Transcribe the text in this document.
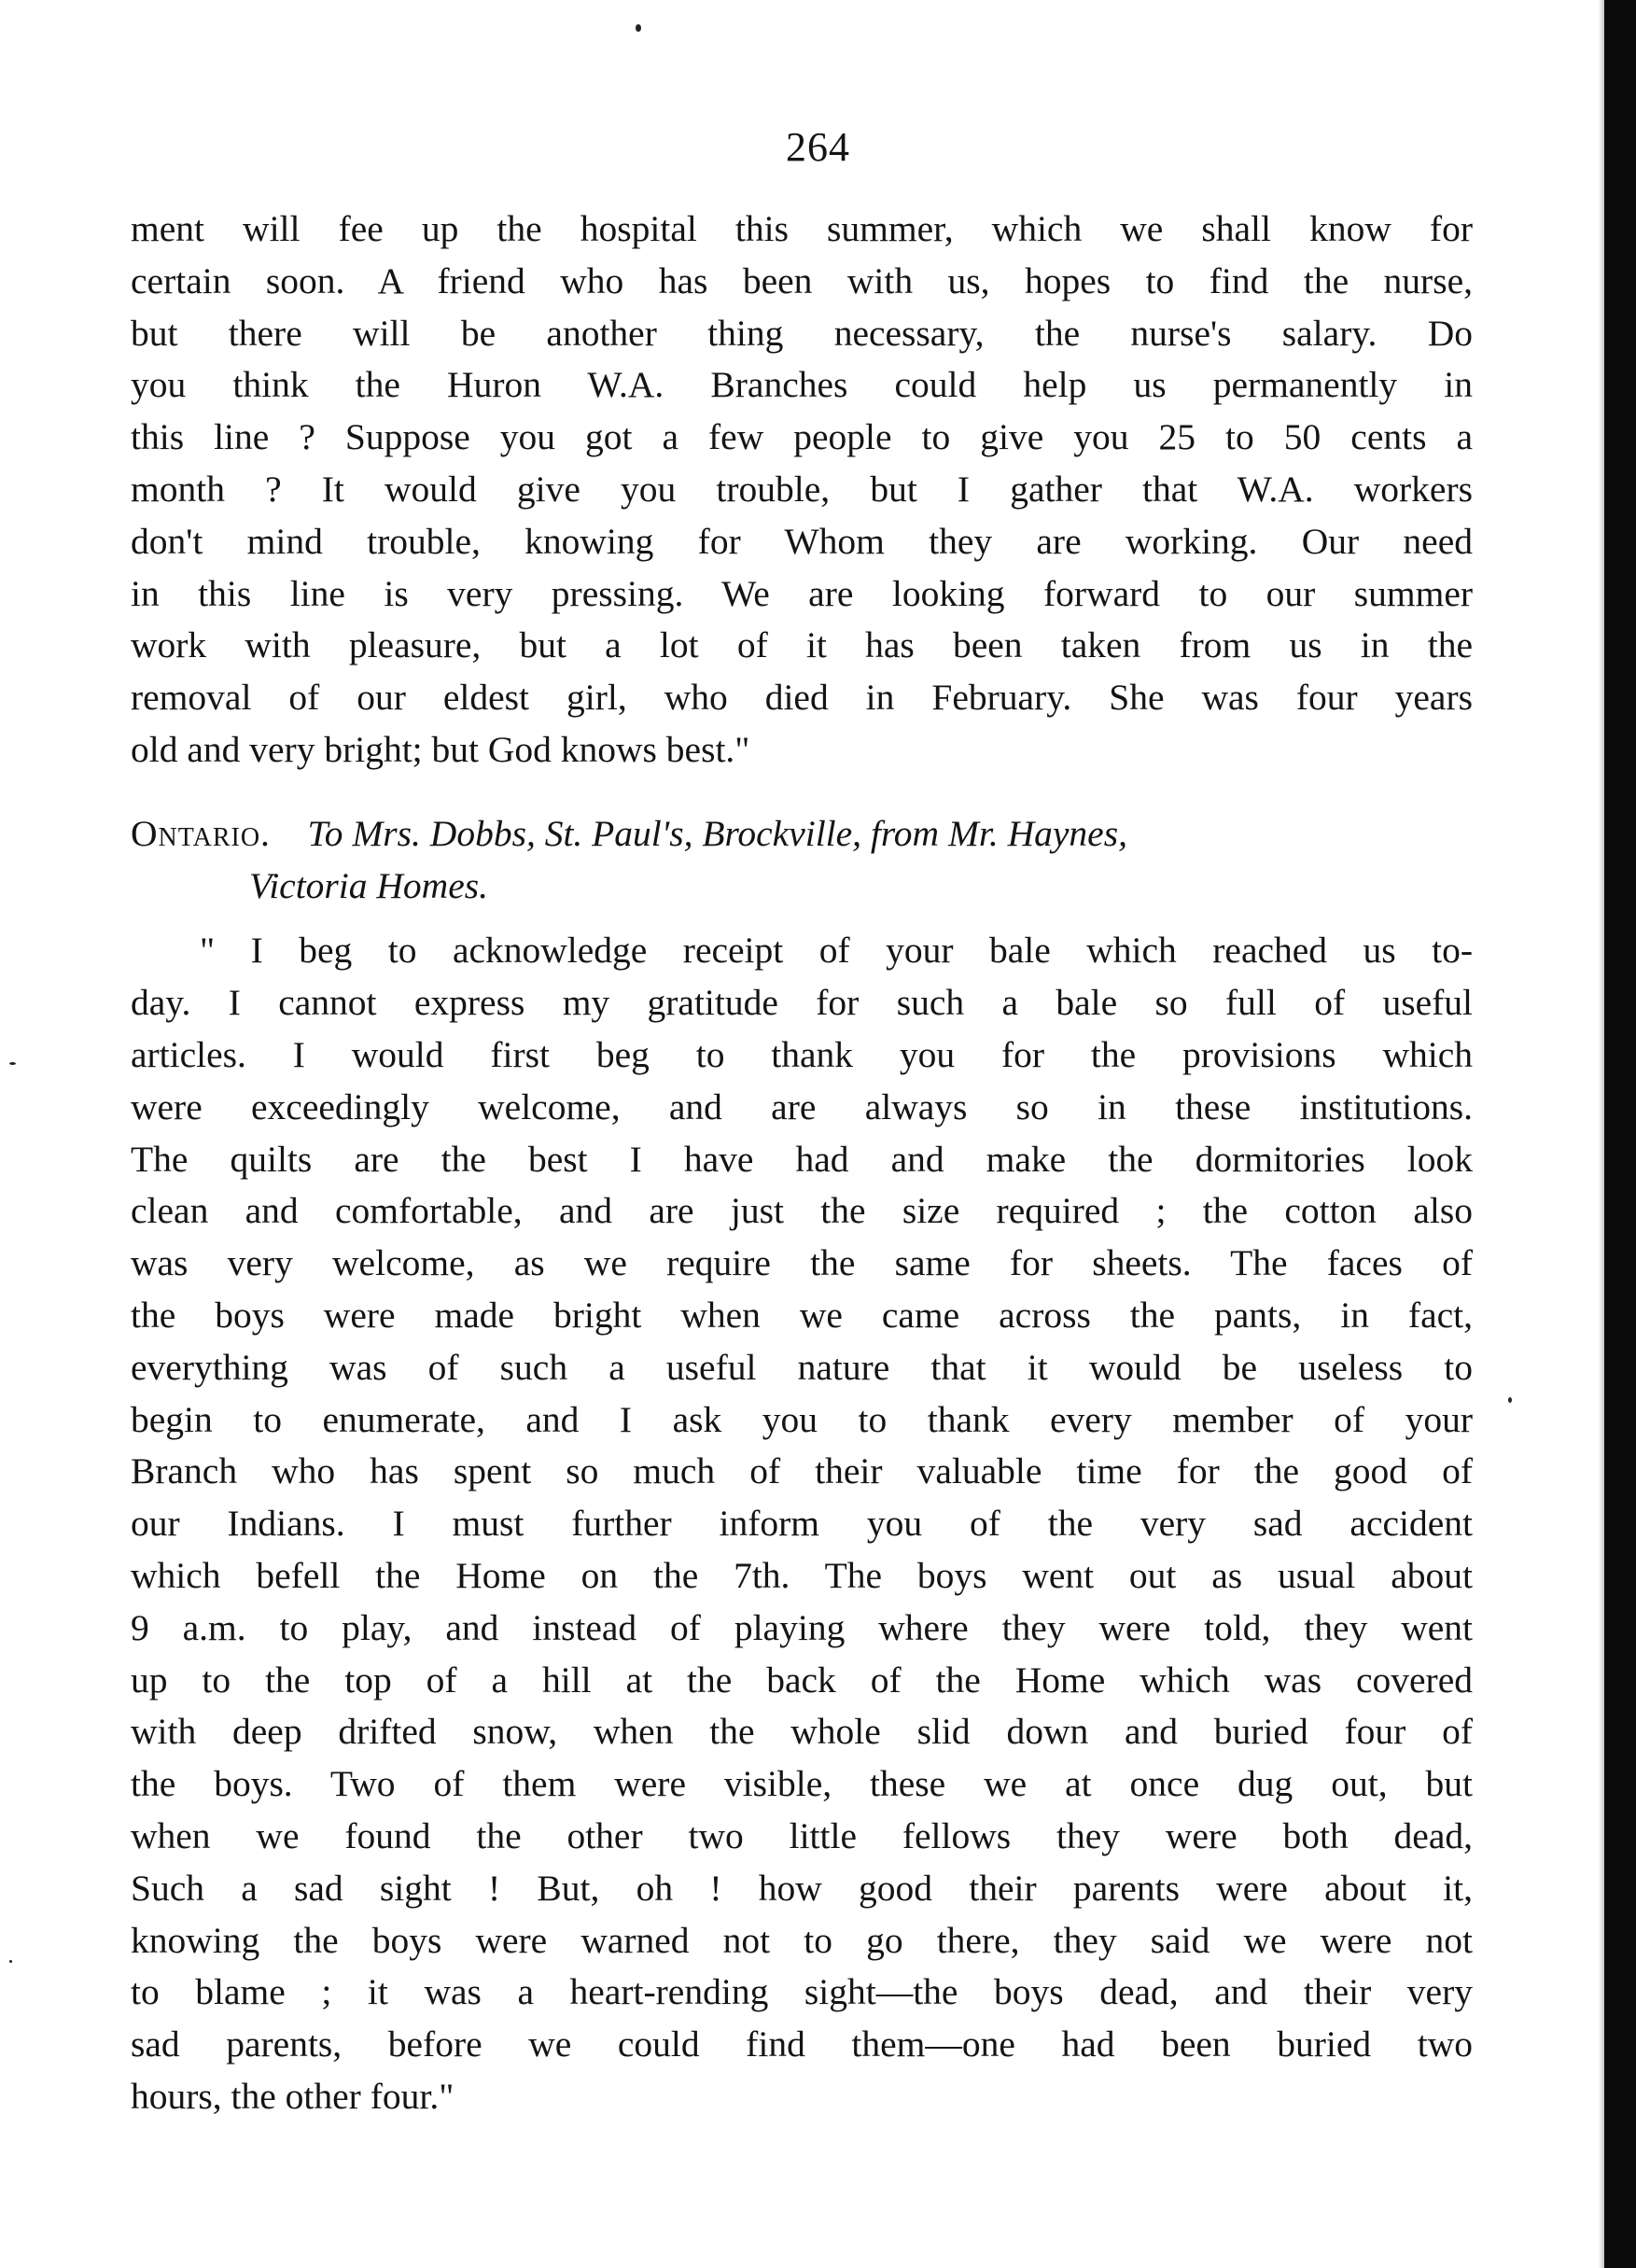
264
ment will fee up the hospital this summer, which we shall know for
certain soon. A friend who has been with us, hopes to find the nurse,
but there will be another thing necessary, the nurse's salary. Do
you think the Huron W.A. Branches could help us permanently in
this line ? Suppose you got a few people to give you 25 to 50 cents a
month ? It would give you trouble, but I gather that W.A. workers
don't mind trouble, knowing for Whom they are working. Our need
in this line is very pressing. We are looking forward to our summer
work with pleasure, but a lot of it has been taken from us in the
removal of our eldest girl, who died in February. She was four years
old and very bright; but God knows best."
Ontario. To Mrs. Dobbs, St. Paul's, Brockville, from Mr. Haynes,
Victoria Homes.
" I beg to acknowledge receipt of your bale which reached us to-
day. I cannot express my gratitude for such a bale so full of useful
articles. I would first beg to thank you for the provisions which
were exceedingly welcome, and are always so in these institutions.
The quilts are the best I have had and make the dormitories look
clean and comfortable, and are just the size required ; the cotton also
was very welcome, as we require the same for sheets. The faces of
the boys were made bright when we came across the pants, in fact,
everything was of such a useful nature that it would be useless to
begin to enumerate, and I ask you to thank every member of your
Branch who has spent so much of their valuable time for the good of
our Indians. I must further inform you of the very sad accident
which befell the Home on the 7th. The boys went out as usual about
9 a.m. to play, and instead of playing where they were told, they went
up to the top of a hill at the back of the Home which was covered
with deep drifted snow, when the whole slid down and buried four of
the boys. Two of them were visible, these we at once dug out, but
when we found the other two little fellows they were both dead,
Such a sad sight ! But, oh ! how good their parents were about it,
knowing the boys were warned not to go there, they said we were not
to blame ; it was a heart-rending sight—the boys dead, and their very
sad parents, before we could find them—one had been buried two
hours, the other four."
